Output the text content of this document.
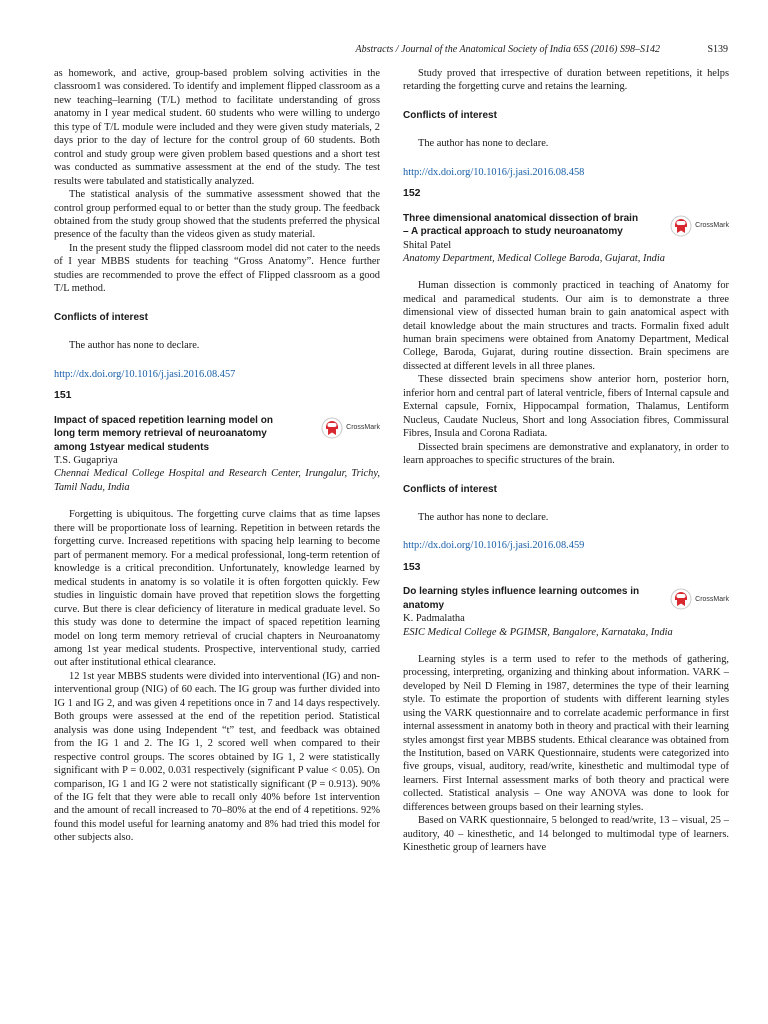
Abstracts / Journal of the Anatomical Society of India 65S (2016) S98–S142	S139

as homework, and active, group-based problem solving activities in the classroom1 was considered. To identify and implement flipped classroom as a new teaching–learning (T/L) method to facilitate understanding of gross anatomy in I year medical student. 60 students who were willing to undergo this type of T/L module were included and they were given study materials, 2 days prior to the day of lecture for the control group of 60 students. Both control and study group were given problem based questions and a short test was conducted as summative assessment at the end of the study. The test results were tabulated and statistically analyzed.

The statistical analysis of the summative assessment showed that the control group performed equal to or better than the study group. The feedback obtained from the study group showed that the students preferred the physical presence of the faculty than the videos given as study material.

In the present study the flipped classroom model did not cater to the needs of I year MBBS students for teaching “Gross Anatomy”. Hence further studies are recommended to prove the effect of Flipped classroom as a good T/L method.

Conflicts of interest

The author has none to declare.

http://dx.doi.org/10.1016/j.jasi.2016.08.457

151

Impact of spaced repetition learning model on long term memory retrieval of neuroanatomy among 1styear medical students
CrossMark

T.S. Gugapriya

Chennai Medical College Hospital and Research Center, Irungalur, Trichy, Tamil Nadu, India

Forgetting is ubiquitous. The forgetting curve claims that as time lapses there will be proportionate loss of learning. Repetition in between retards the forgetting curve. Increased repetitions with spacing help learning to become part of permanent memory. For a medical professional, long-term retention of knowledge is a critical precondition. Unfortunately, knowledge learned by medical students in anatomy is so volatile it is often forgotten quickly. Few studies in linguistic domain have proved that repetition slows the forgetting curve. But there is clear deficiency of literature in medical graduate level. So this study was done to determine the impact of spaced repetition learning model on long term memory retrieval of crucial chapters in Neuroanatomy among 1st year medical students. Prospective, interventional study, carried out after institutional ethical clearance.

12 1st year MBBS students were divided into interventional (IG) and non-interventional group (NIG) of 60 each. The IG group was further divided into IG 1 and IG 2, and was given 4 repetitions once in 7 and 14 days respectively. Both groups were assessed at the end of the repetition period. Statistical analysis was done using Independent “t” test, and feedback was obtained from the IG 1 and 2. The IG 1, 2 scored well when compared to their respective control groups. The scores obtained by IG 1, 2 were statistically significant with P = 0.002, 0.031 respectively (significant P value < 0.05). On comparison, IG 1 and IG 2 were not statistically significant (P = 0.913). 90% of the IG felt that they were able to recall only 40% before 1st intervention and the amount of recall increased to 70–80% at the end of 4 repetitions. 92% found this model useful for learning anatomy and 8% had tried this model for other subjects also.

Study proved that irrespective of duration between repetitions, it helps retarding the forgetting curve and retains the learning.

Conflicts of interest

The author has none to declare.

http://dx.doi.org/10.1016/j.jasi.2016.08.458

152

Three dimensional anatomical dissection of brain – A practical approach to study neuroanatomy
CrossMark

Shital Patel

Anatomy Department, Medical College Baroda, Gujarat, India

Human dissection is commonly practiced in teaching of Anatomy for medical and paramedical students. Our aim is to demonstrate a three dimensional view of dissected human brain to gain anatomical aspect with detail knowledge about the main structures and tracts. Formalin fixed adult human brain specimens were obtained from Anatomy Department, Medical College, Baroda, Gujarat, during routine dissection. Brain specimens are dissected at different levels in all three planes.

These dissected brain specimens show anterior horn, posterior horn, inferior horn and central part of lateral ventricle, fibers of Internal capsule and External capsule, Fornix, Hippocampal formation, Thalamus, Lentiform Nucleus, Caudate Nucleus, Short and long Association fibres, Commissural Fibres, Insula and Corona Radiata.

Dissected brain specimens are demonstrative and explanatory, in order to learn approaches to specific structures of the brain.

Conflicts of interest

The author has none to declare.

http://dx.doi.org/10.1016/j.jasi.2016.08.459

153

Do learning styles influence learning outcomes in anatomy
CrossMark

K. Padmalatha

ESIC Medical College & PGIMSR, Bangalore, Karnataka, India

Learning styles is a term used to refer to the methods of gathering, processing, interpreting, organizing and thinking about information. VARK – developed by Neil D Fleming in 1987, determines the type of their learning style. To estimate the proportion of students with different learning styles using the VARK questionnaire and to correlate academic performance in first internal assessment in anatomy both in theory and practical with their learning styles amongst first year MBBS students. Ethical clearance was obtained from the Institution, based on VARK Questionnaire, students were categorized into five groups, visual, auditory, read/write, kinesthetic and multimodal type of learners. First Internal assessment marks of both theory and practical were collected. Statistical analysis – One way ANOVA was done to look for differences between groups based on their learning styles.

Based on VARK questionnaire, 5 belonged to read/write, 13 – visual, 25 – auditory, 40 – kinesthetic, and 14 belonged to multimodal type of learners. Kinesthetic group of learners have
